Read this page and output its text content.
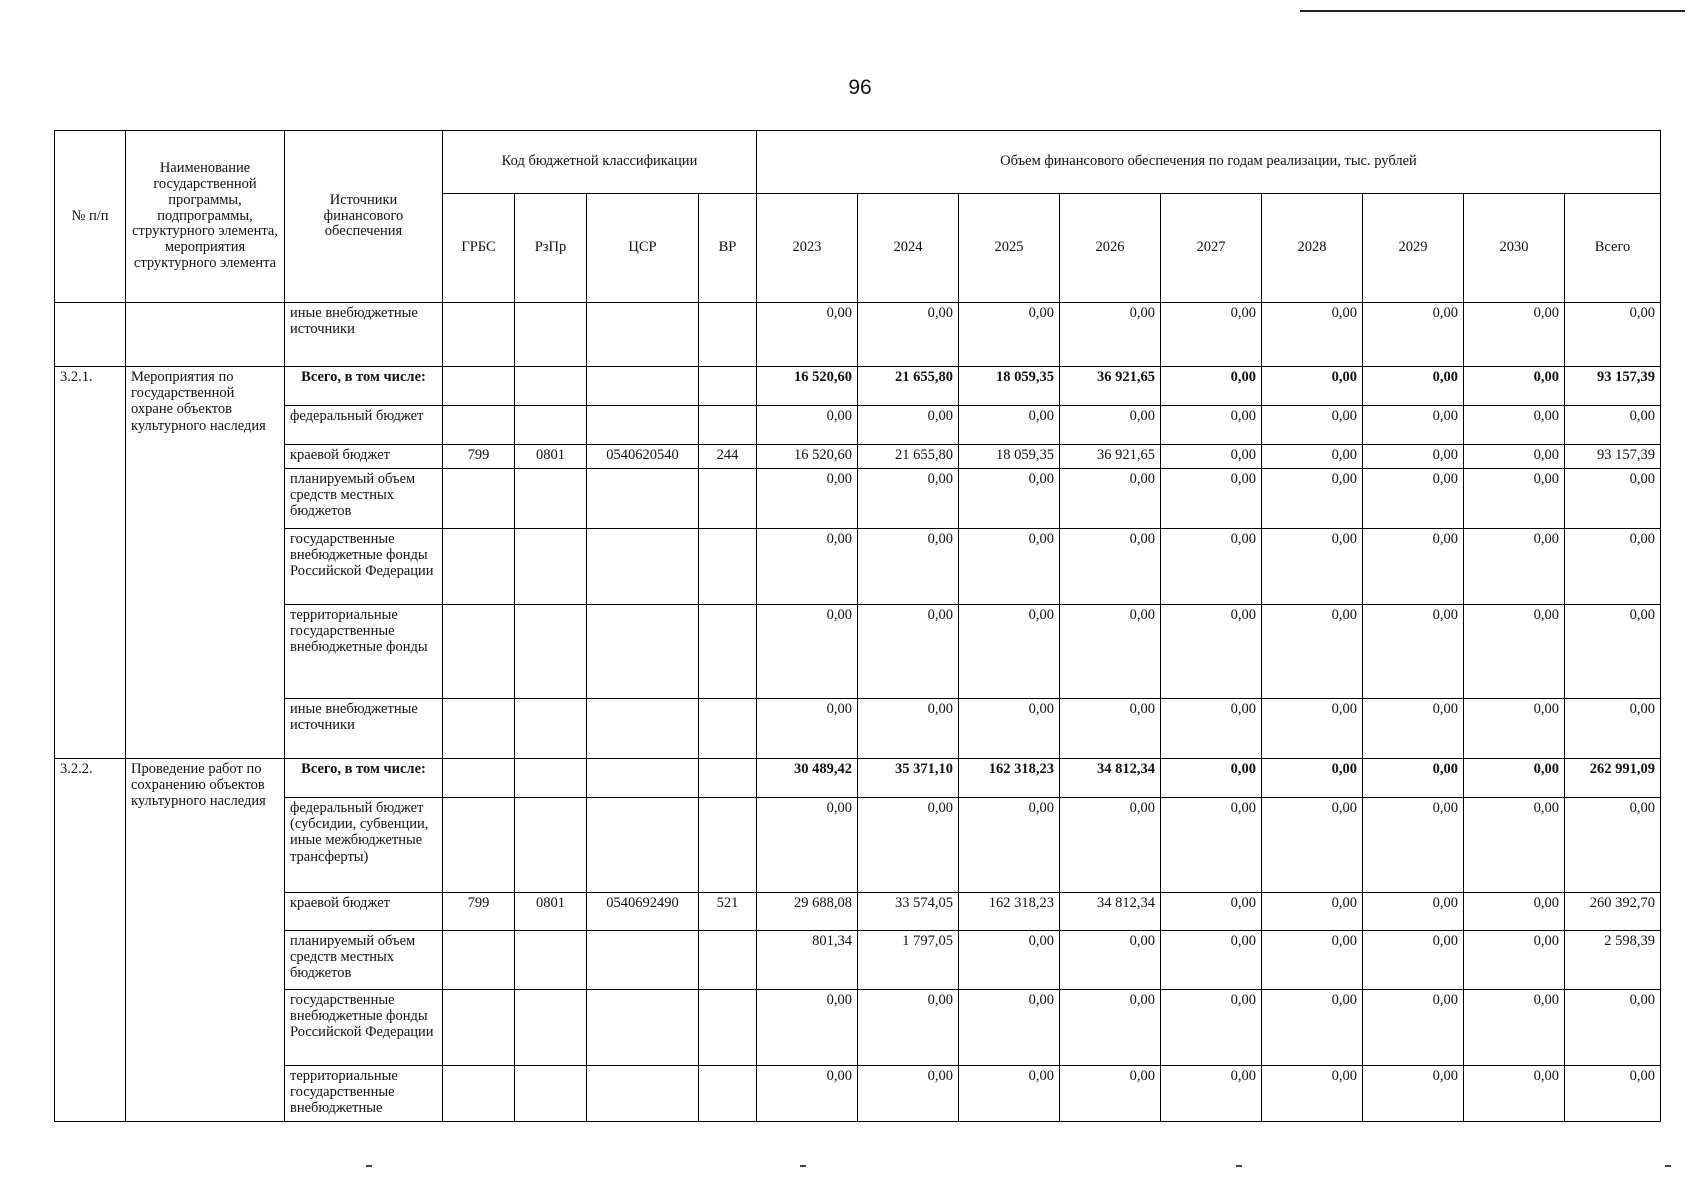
96
№ п/п	Наименование государственной программы, подпрограммы, структурного элемента, мероприятия структурного элемента	Источники финансового обеспечения	Код бюджетной классификации				Объем финансового обеспечения по годам реализации, тыс. рублей								
			ГРБС	РзПр	ЦСР	ВР	2023	2024	2025	2026	2027	2028	2029	2030	Всего
		иные внебюджетные источники					0,00	0,00	0,00	0,00	0,00	0,00	0,00	0,00	0,00
3.2.1.	Мероприятия по государственной охране объектов культурного наследия	Всего, в том числе:					16 520,60	21 655,80	18 059,35	36 921,65	0,00	0,00	0,00	0,00	93 157,39
		федеральный бюджет					0,00	0,00	0,00	0,00	0,00	0,00	0,00	0,00	0,00
		краевой бюджет	799	0801	0540620540	244	16 520,60	21 655,80	18 059,35	36 921,65	0,00	0,00	0,00	0,00	93 157,39
		планируемый объем средств местных бюджетов					0,00	0,00	0,00	0,00	0,00	0,00	0,00	0,00	0,00
		государственные внебюджетные фонды Российской Федерации					0,00	0,00	0,00	0,00	0,00	0,00	0,00	0,00	0,00
		территориальные государственные внебюджетные фонды					0,00	0,00	0,00	0,00	0,00	0,00	0,00	0,00	0,00
		иные внебюджетные источники					0,00	0,00	0,00	0,00	0,00	0,00	0,00	0,00	0,00
3.2.2.	Проведение работ по сохранению объектов культурного наследия	Всего, в том числе:					30 489,42	35 371,10	162 318,23	34 812,34	0,00	0,00	0,00	0,00	262 991,09
		федеральный бюджет (субсидии, субвенции, иные межбюджетные трансферты)					0,00	0,00	0,00	0,00	0,00	0,00	0,00	0,00	0,00
		краевой бюджет	799	0801	0540692490	521	29 688,08	33 574,05	162 318,23	34 812,34	0,00	0,00	0,00	0,00	260 392,70
		планируемый объем средств местных бюджетов					801,34	1 797,05	0,00	0,00	0,00	0,00	0,00	0,00	2 598,39
		государственные внебюджетные фонды Российской Федерации					0,00	0,00	0,00	0,00	0,00	0,00	0,00	0,00	0,00
		территориальные государственные внебюджетные					0,00	0,00	0,00	0,00	0,00	0,00	0,00	0,00	0,00
